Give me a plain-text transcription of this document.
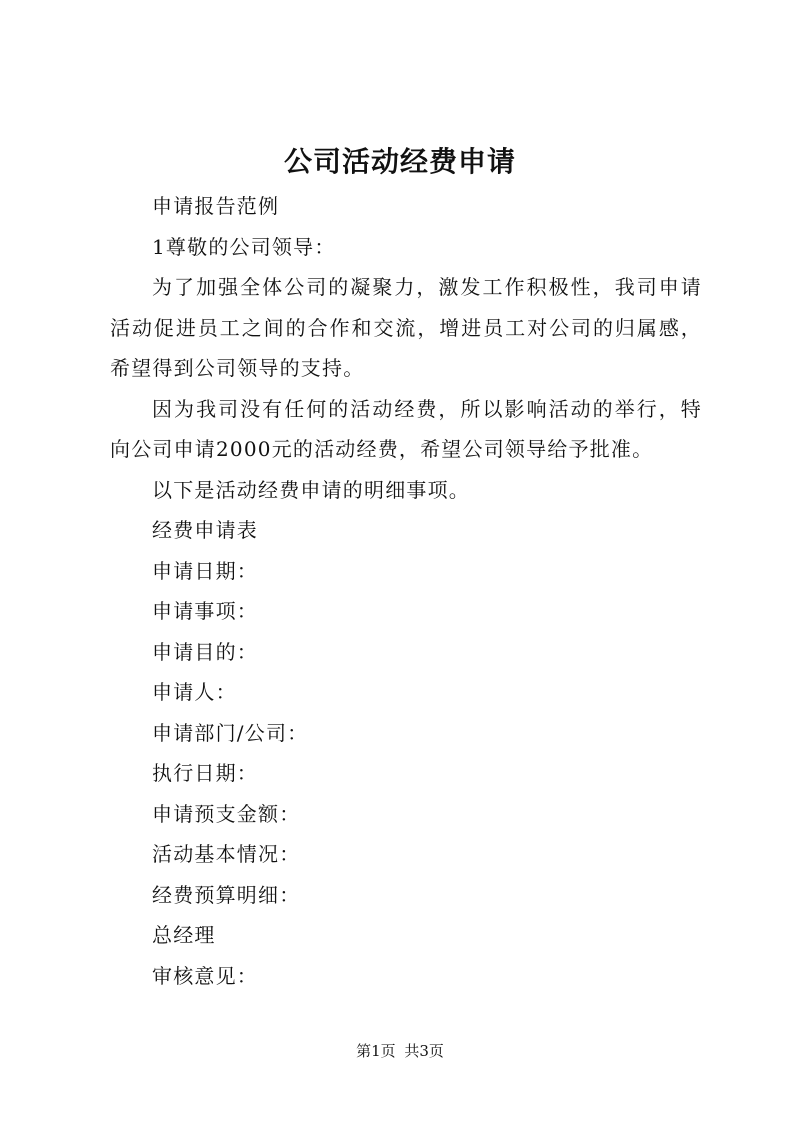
公司活动经费申请

申请报告范例

1尊敬的公司领导：

为了加强全体公司的凝聚力，激发工作积极性，我司申请活动促进员工之间的合作和交流，增进员工对公司的归属感，希望得到公司领导的支持。

因为我司没有任何的活动经费，所以影响活动的举行，特向公司申请2000元的活动经费，希望公司领导给予批准。

以下是活动经费申请的明细事项。

经费申请表

申请日期：

申请事项：

申请目的：

申请人：

申请部门/公司：

执行日期：

申请预支金额：

活动基本情况：

经费预算明细：

总经理

审核意见：

第1页 共3页
